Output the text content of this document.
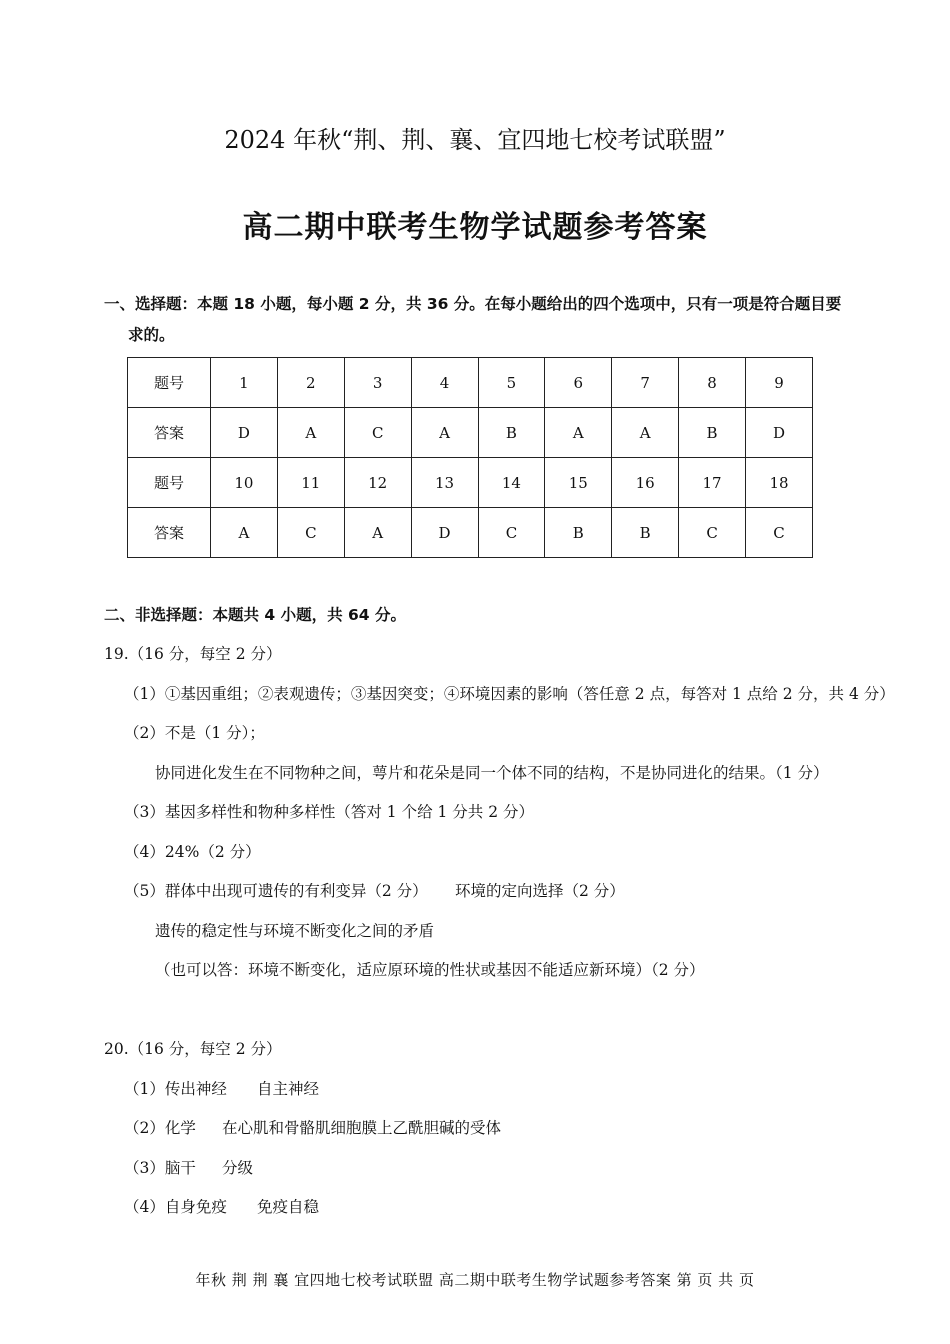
2024 年秋“荆、荆、襄、宜四地七校考试联盟”
高二期中联考生物学试题参考答案
一、选择题：本题 18 小题，每小题 2 分，共 36 分。在每小题给出的四个选项中，只有一项是符合题目要
求的。
题号	1	2	3	4	5	6	7	8	9
答案	D	A	C	A	B	A	A	B	D
题号	10	11	12	13	14	15	16	17	18
答案	A	C	A	D	C	B	B	C	C
二、非选择题：本题共 4 小题，共 64 分。
19.（16 分，每空 2 分）
（1）①基因重组；②表观遗传；③基因突变；④环境因素的影响（答任意 2 点，每答对 1 点给 2 分，共 4 分）
（2）不是（1 分）；
协同进化发生在不同物种之间，萼片和花朵是同一个体不同的结构，不是协同进化的结果。（1 分）
（3）基因多样性和物种多样性（答对 1 个给 1 分共 2 分）
（4）24%（2 分）
（5）群体中出现可遗传的有利变异（2 分） 环境的定向选择（2 分）
遗传的稳定性与环境不断变化之间的矛盾
（也可以答：环境不断变化，适应原环境的性状或基因不能适应新环境）（2 分）
20.（16 分，每空 2 分）
（1）传出神经 自主神经
（2）化学 在心肌和骨骼肌细胞膜上乙酰胆碱的受体
（3）脑干 分级
（4）自身免疫 免疫自稳
年秋 荆 荆 襄 宜四地七校考试联盟 高二期中联考生物学试题参考答案 第 页 共 页
